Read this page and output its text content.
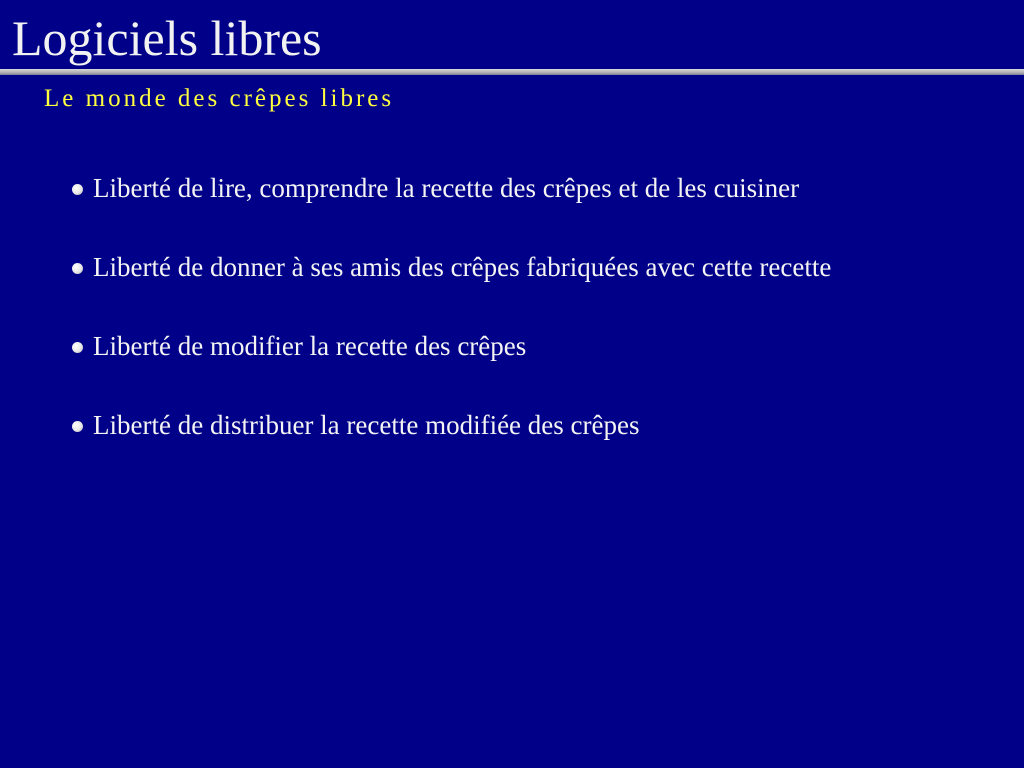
Logiciels libres
Le monde des crêpes libres
Liberté de lire, comprendre la recette des crêpes et de les cuisiner
Liberté de donner à ses amis des crêpes fabriquées avec cette recette
Liberté de modifier la recette des crêpes
Liberté de distribuer la recette modifiée des crêpes
